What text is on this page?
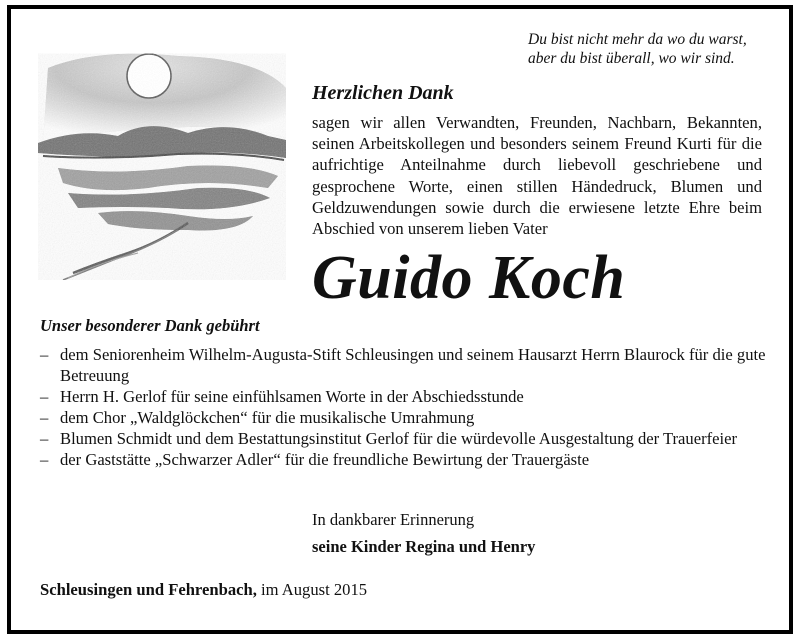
Du bist nicht mehr da wo du warst,
aber du bist überall, wo wir sind.
Herzlichen Dank
sagen wir allen Verwandten, Freunden, Nachbarn, Bekannten, seinen Arbeitskollegen und besonders seinem Freund Kurti für die aufrichtige Anteilnahme durch liebevoll geschriebene und gesprochene Worte, einen stillen Händedruck, Blumen und Geldzuwendungen sowie durch die erwiesene letzte Ehre beim Abschied von unserem lieben Vater
Guido Koch
Unser besonderer Dank gebührt
– dem Seniorenheim Wilhelm-Augusta-Stift Schleusingen und seinem Hausarzt Herrn Blaurock für die gute Betreuung
– Herrn H. Gerlof für seine einfühlsamen Worte in der Abschiedsstunde
– dem Chor „Waldglöckchen“ für die musikalische Umrahmung
– Blumen Schmidt und dem Bestattungsinstitut Gerlof für die würdevolle Ausgestaltung der Trauerfeier
– der Gaststätte „Schwarzer Adler“ für die freundliche Bewirtung der Trauergäste
In dankbarer Erinnerung
seine Kinder Regina und Henry
Schleusingen und Fehrenbach, im August 2015
